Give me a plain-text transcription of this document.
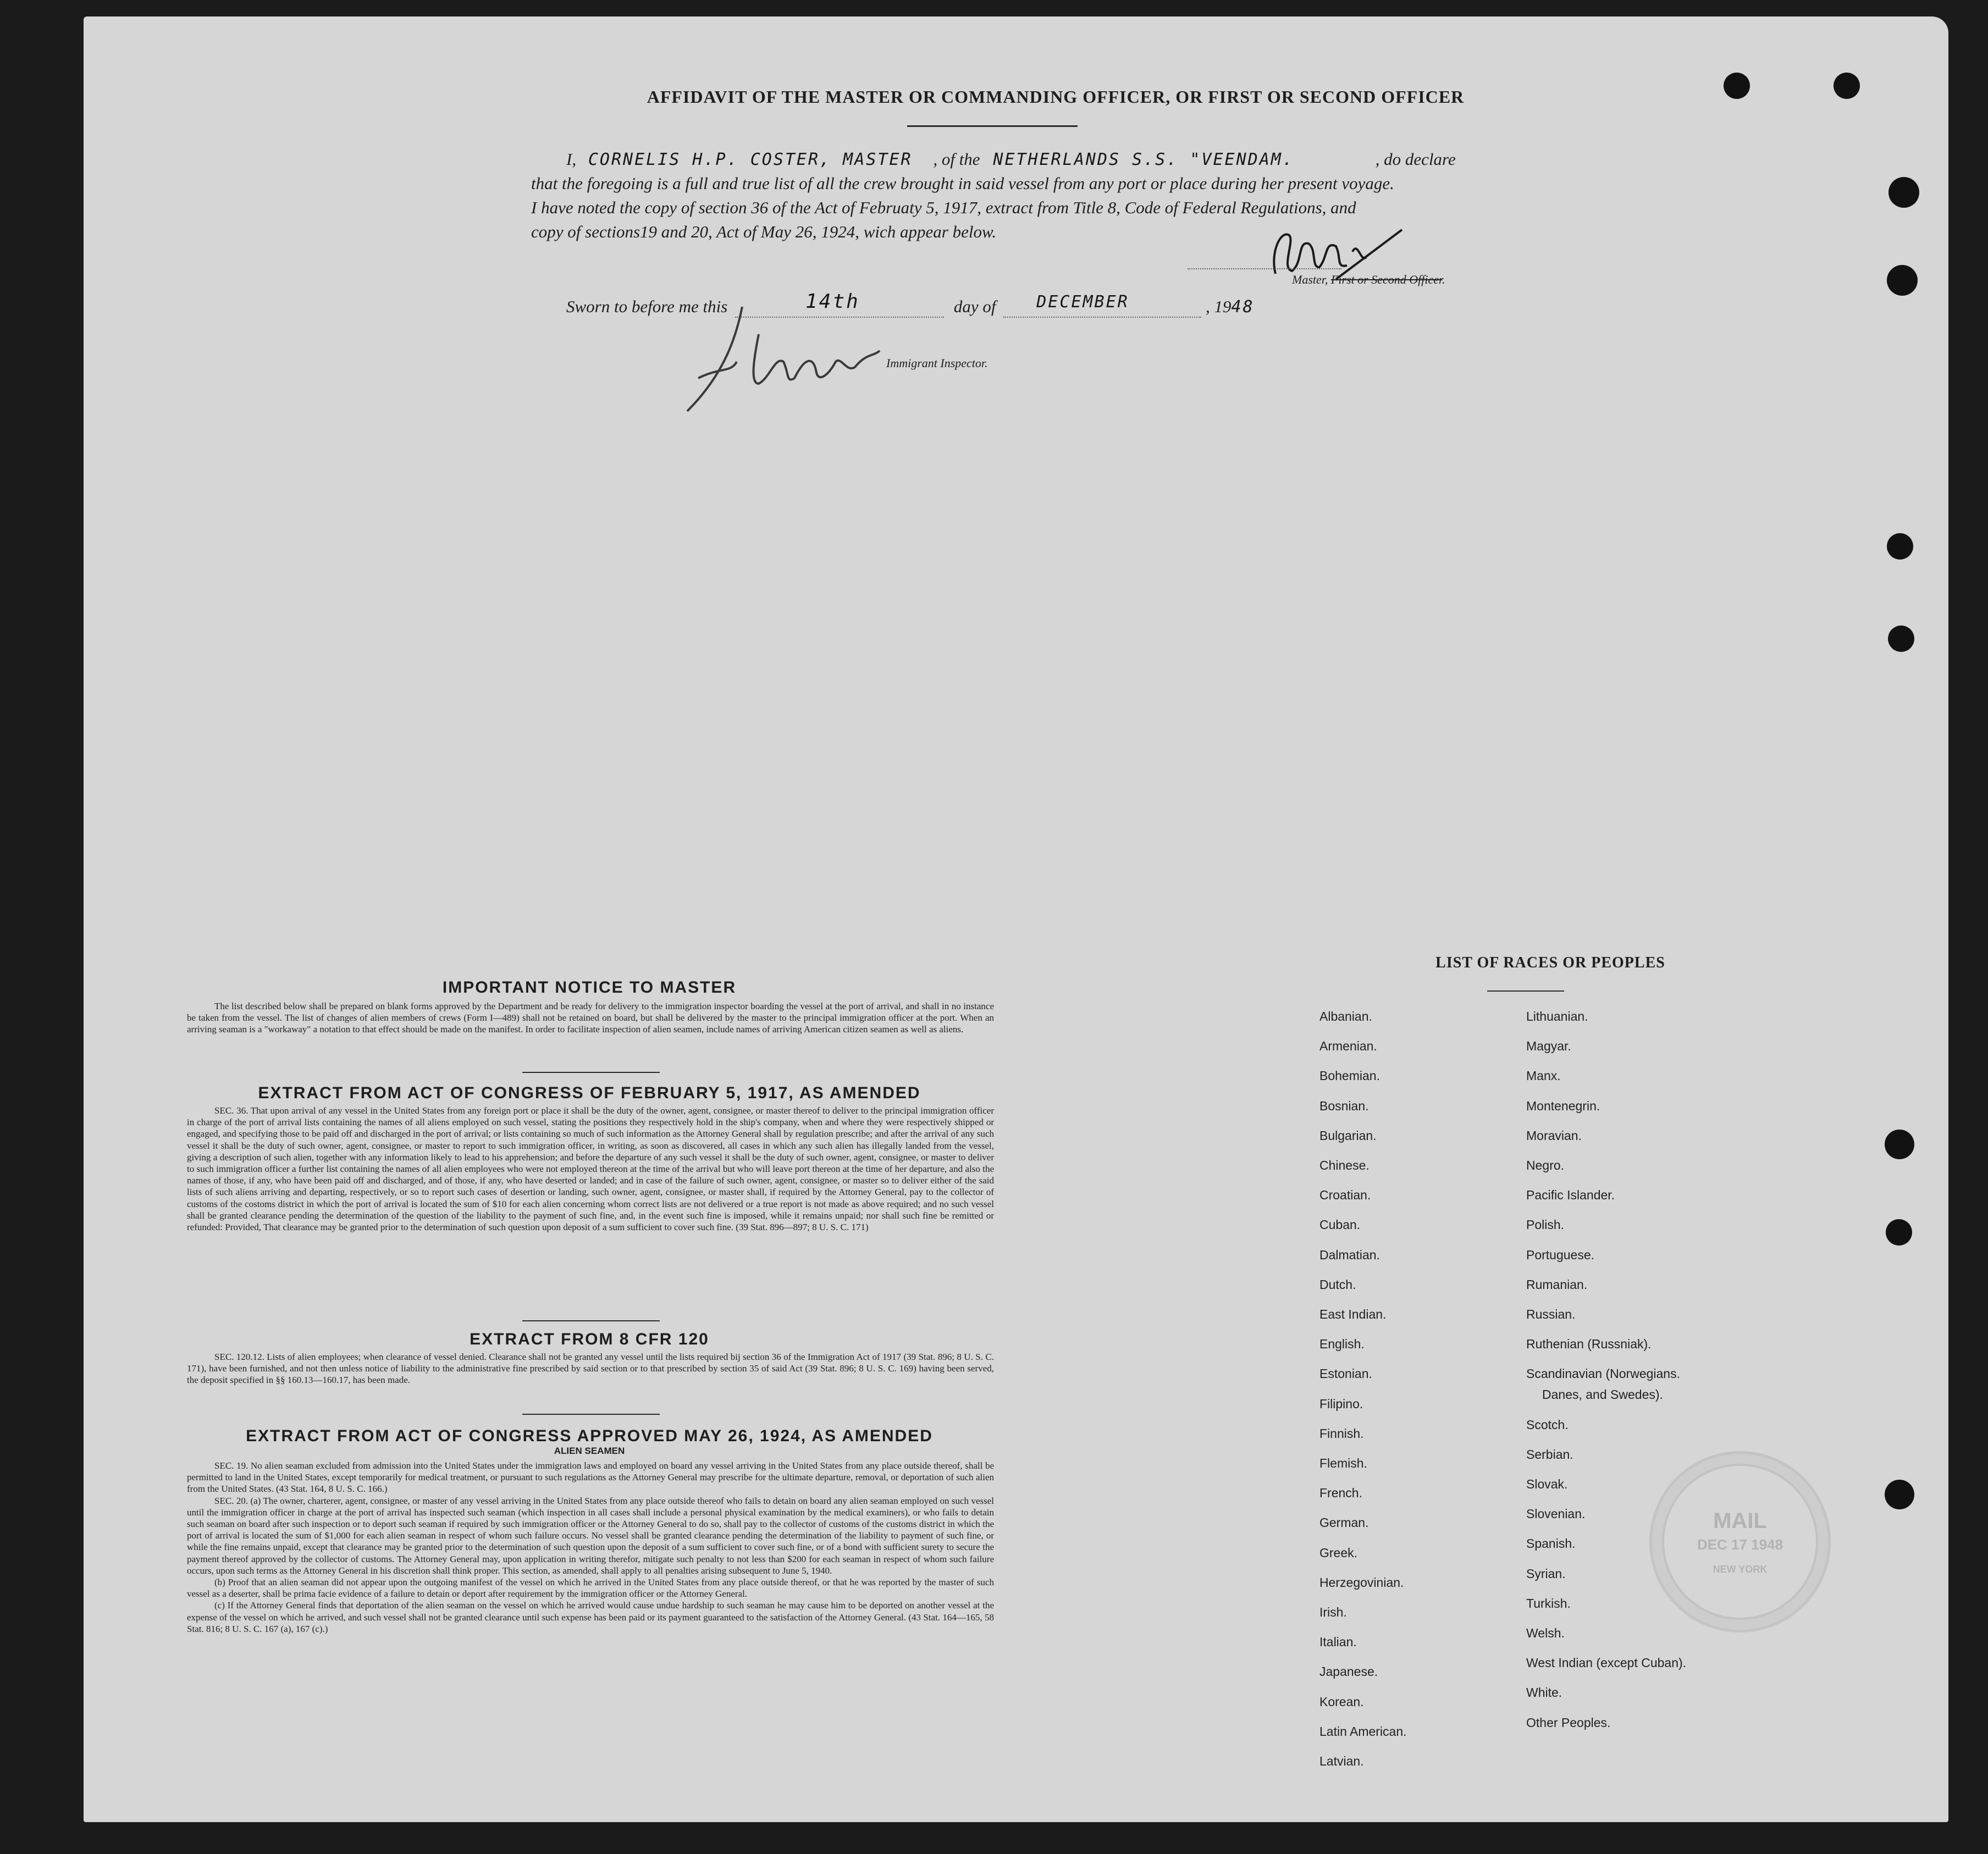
AFFIDAVIT OF THE MASTER OR COMMANDING OFFICER, OR FIRST OR SECOND OFFICER
I, CORNELIS H.P. COSTER, MASTER , of the NETHERLANDS S.S. "VEENDAM.	, do declare
that the foregoing is a full and true list of all the crew brought in said vessel from any port or place during her present voyage.
I have noted the copy of section 36 of the Act of Februaty 5, 1917, extract from Title 8, Code of Federal Regulations, and
copy of sections19 and 20, Act of May 26, 1924, wich appear below.
Master, First or Second Officer.
Sworn to before me this	14th	day of DECEMBER	, 1948
Immigrant Inspector.
IMPORTANT NOTICE TO MASTER

The list described below shall be prepared on blank forms approved by the Department and be ready for delivery to the immigration inspector boarding the vessel at the port of arrival, and shall in no instance be taken from the vessel. The list of changes of alien members of crews (Form I—489) shall not be retained on board, but shall be delivered by the master to the principal immigration officer at the port. When an arriving seaman is a "workaway" a notation to that effect should be made on the manifest. In order to facilitate inspection of alien seamen, include names of arriving American citizen seamen as well as aliens.

EXTRACT FROM ACT OF CONGRESS OF FEBRUARY 5, 1917, AS AMENDED

SEC. 36. That upon arrival of any vessel in the United States from any foreign port or place it shall be the duty of the owner, agent, consignee, or master thereof to deliver to the principal immigration officer in charge of the port of arrival lists containing the names of all aliens employed on such vessel, stating the positions they respectively hold in the ship's company, when and where they were respectively shipped or engaged, and specifying those to be paid off and discharged in the port of arrival; or lists containing so much of such information as the Attorney General shall by regulation prescribe; and after the arrival of any such vessel it shall be the duty of such owner, agent, consignee, or master to report to such immigration officer, in writing, as soon as discovered, all cases in which any such alien has illegally landed from the vessel, giving a description of such alien, together with any information likely to lead to his apprehension; and before the departure of any such vessel it shall be the duty of such owner, agent, consignee, or master to deliver to such immigration officer a further list containing the names of all alien employees who were not employed thereon at the time of the arrival but who will leave port thereon at the time of her departure, and also the names of those, if any, who have been paid off and discharged, and of those, if any, who have deserted or landed; and in case of the failure of such owner, agent, consignee, or master so to deliver either of the said lists of such aliens arriving and departing, respectively, or so to report such cases of desertion or landing, such owner, agent, consignee, or master shall, if required by the Attorney General, pay to the collector of customs of the costoms district in which the port of arrival is located the sum of $10 for each alien concerning whom correct lists are not delivered or a true report is not made as above required; and no such vessel shall be granted clearance pending the determination of the question of the liability to the payment of such fine, and, in the event such fine is imposed, while it remains unpaid; nor shall such fine be remitted or refunded: Provided, That clearance may be granted prior to the determination of such question upon deposit of a sum sufficient to cover such fine. (39 Stat. 896—897; 8 U. S. C. 171)

EXTRACT FROM 8 CFR 120

SEC. 120.12. Lists of alien employees; when clearance of vessel denied. Clearance shall not be granted any vessel until the lists required bij section 36 of the Immigration Act of 1917 (39 Stat. 896; 8 U. S. C. 171), have been furnished, and not then unless notice of liability to the administrative fine prescribed by said section or to that prescribed by section 35 of said Act (39 Stat. 896; 8 U. S. C. 169) having been served, the deposit specified in §§ 160.13—160.17, has been made.

EXTRACT FROM ACT OF CONGRESS APPROVED MAY 26, 1924, AS AMENDED
ALIEN SEAMEN

SEC. 19. No alien seaman excluded from admission into the United States under the immigration laws and employed on board any vessel arriving in the United States from any place outside thereof, shall be permitted to land in the United States, except temporarily for medical treatment, or pursuant to such regulations as the Attorney General may prescribe for the ultimate departure, removal, or deportation of such alien from the United States. (43 Stat. 164, 8 U. S. C. 166.)

SEC. 20. (a) The owner, charterer, agent, consignee, or master of any vessel arriving in the United States from any place outside thereof who fails to detain on board any alien seaman employed on such vessel until the immigration officer in charge at the port of arrival has inspected such seaman (which inspection in all cases shall include a personal physical examination by the medical examiners), or who fails to detain such seaman on board after such inspection or to deport such seaman if required by such immigration officer or the Attorney General to do so, shall pay to the collector of customs of the customs district in which the port of arrival is located the sum of $1,000 for each alien seaman in respect of whom such failure occurs. No vessel shall be granted clearance pending the determination of the liability to payment of such fine, or while the fine remains unpaid, except that clearance may be granted prior to the determination of such question upon the deposit of a sum sufficient to cover such fine, or of a bond with sufficient surety to secure the payment thereof approved by the collector of customs. The Attorney General may, upon application in writing therefor, mitigate such penalty to not less than $200 for each seaman in respect of whom such failure occurs, upon such terms as the Attorney General in his discretion shall think proper. This section, as amended, shall apply to all penalties arising subsequent to June 5, 1940.

(b) Proof that an alien seaman did not appear upon the outgoing manifest of the vessel on which he arrived in the United States from any place outside thereof, or that he was reported by the master of such vessel as a deserter, shall be prima facie evidence of a failure to detain or deport after requirement by the immigration officer or the Attorney General.

(c) If the Attorney General finds that deportation of the alien seaman on the vessel on which he arrived would cause undue hardship to such seaman he may cause him to be deported on another vessel at the expense of the vessel on which he arrived, and such vessel shall not be granted clearance until such expense has been paid or its payment guaranteed to the satisfaction of the Attorney General. (43 Stat. 164—165, 58 Stat. 816; 8 U. S. C. 167 (a), 167 (c).)

LIST OF RACES OR PEOPLES
Albanian.
Armenian.
Bohemian.
Bosnian.
Bulgarian.
Chinese.
Croatian.
Cuban.
Dalmatian.
Dutch.
East Indian.
English.
Estonian.
Filipino.
Finnish.
Flemish.
French.
German.
Greek.
Herzegovinian.
Irish.
Italian.
Japanese.
Korean.
Latin American.
Latvian.
Lithuanian.
Magyar.
Manx.
Montenegrin.
Moravian.
Negro.
Pacific Islander.
Polish.
Portuguese.
Rumanian.
Russian.
Ruthenian (Russniak).
Scandinavian (Norwegians.
Danes, and Swedes).
Scotch.
Serbian.
Slovak.
Slovenian.
Spanish.
Syrian.
Turkish.
Welsh.
West Indian (except Cuban).
White.
Other Peoples.
MAIL
DEC 17 1948
NEW YORK
